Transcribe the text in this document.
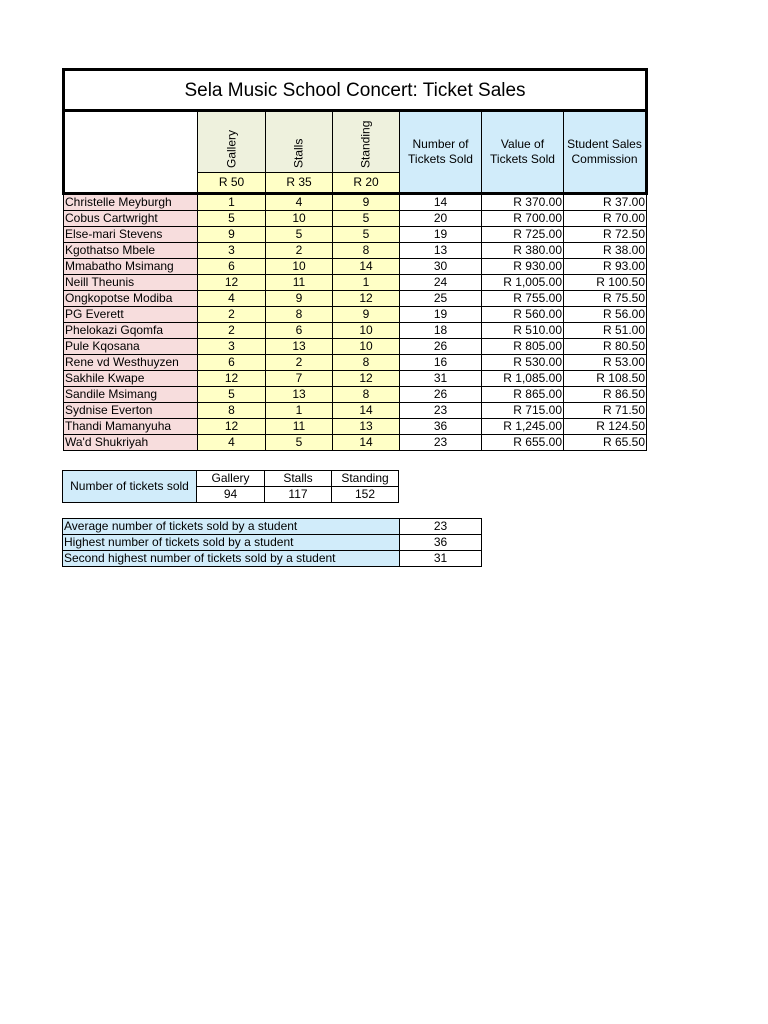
Sela Music School Concert: Ticket Sales						

	Gallery	Stalls	Standing	Number of Tickets Sold	Value of Tickets Sold	Student Sales Commission
	R 50	R 35	R 20			
Christelle Meyburgh	1	4	9	14	R 370.00	R 37.00
Cobus Cartwright	5	10	5	20	R 700.00	R 70.00
Else-mari Stevens	9	5	5	19	R 725.00	R 72.50
Kgothatso Mbele	3	2	8	13	R 380.00	R 38.00
Mmabatho Msimang	6	10	14	30	R 930.00	R 93.00
Neill Theunis	12	11	1	24	R 1,005.00	R 100.50
Ongkopotse Modiba	4	9	12	25	R 755.00	R 75.50
PG Everett	2	8	9	19	R 560.00	R 56.00
Phelokazi Gqomfa	2	6	10	18	R 510.00	R 51.00
Pule Kqosana	3	13	10	26	R 805.00	R 80.50
Rene vd Westhuyzen	6	2	8	16	R 530.00	R 53.00
Sakhile Kwape	12	7	12	31	R 1,085.00	R 108.50
Sandile Msimang	5	13	8	26	R 865.00	R 86.50
Sydnise Everton	8	1	14	23	R 715.00	R 71.50
Thandi Mamanyuha	12	11	13	36	R 1,245.00	R 124.50
Wa'd Shukriyah	4	5	14	23	R 655.00	R 65.50
Number of tickets sold	Gallery	Stalls	Standing
	94	117	152
Average number of tickets sold by a student	23
Highest number of tickets sold by a student	36
Second highest number of tickets sold by a student	31
